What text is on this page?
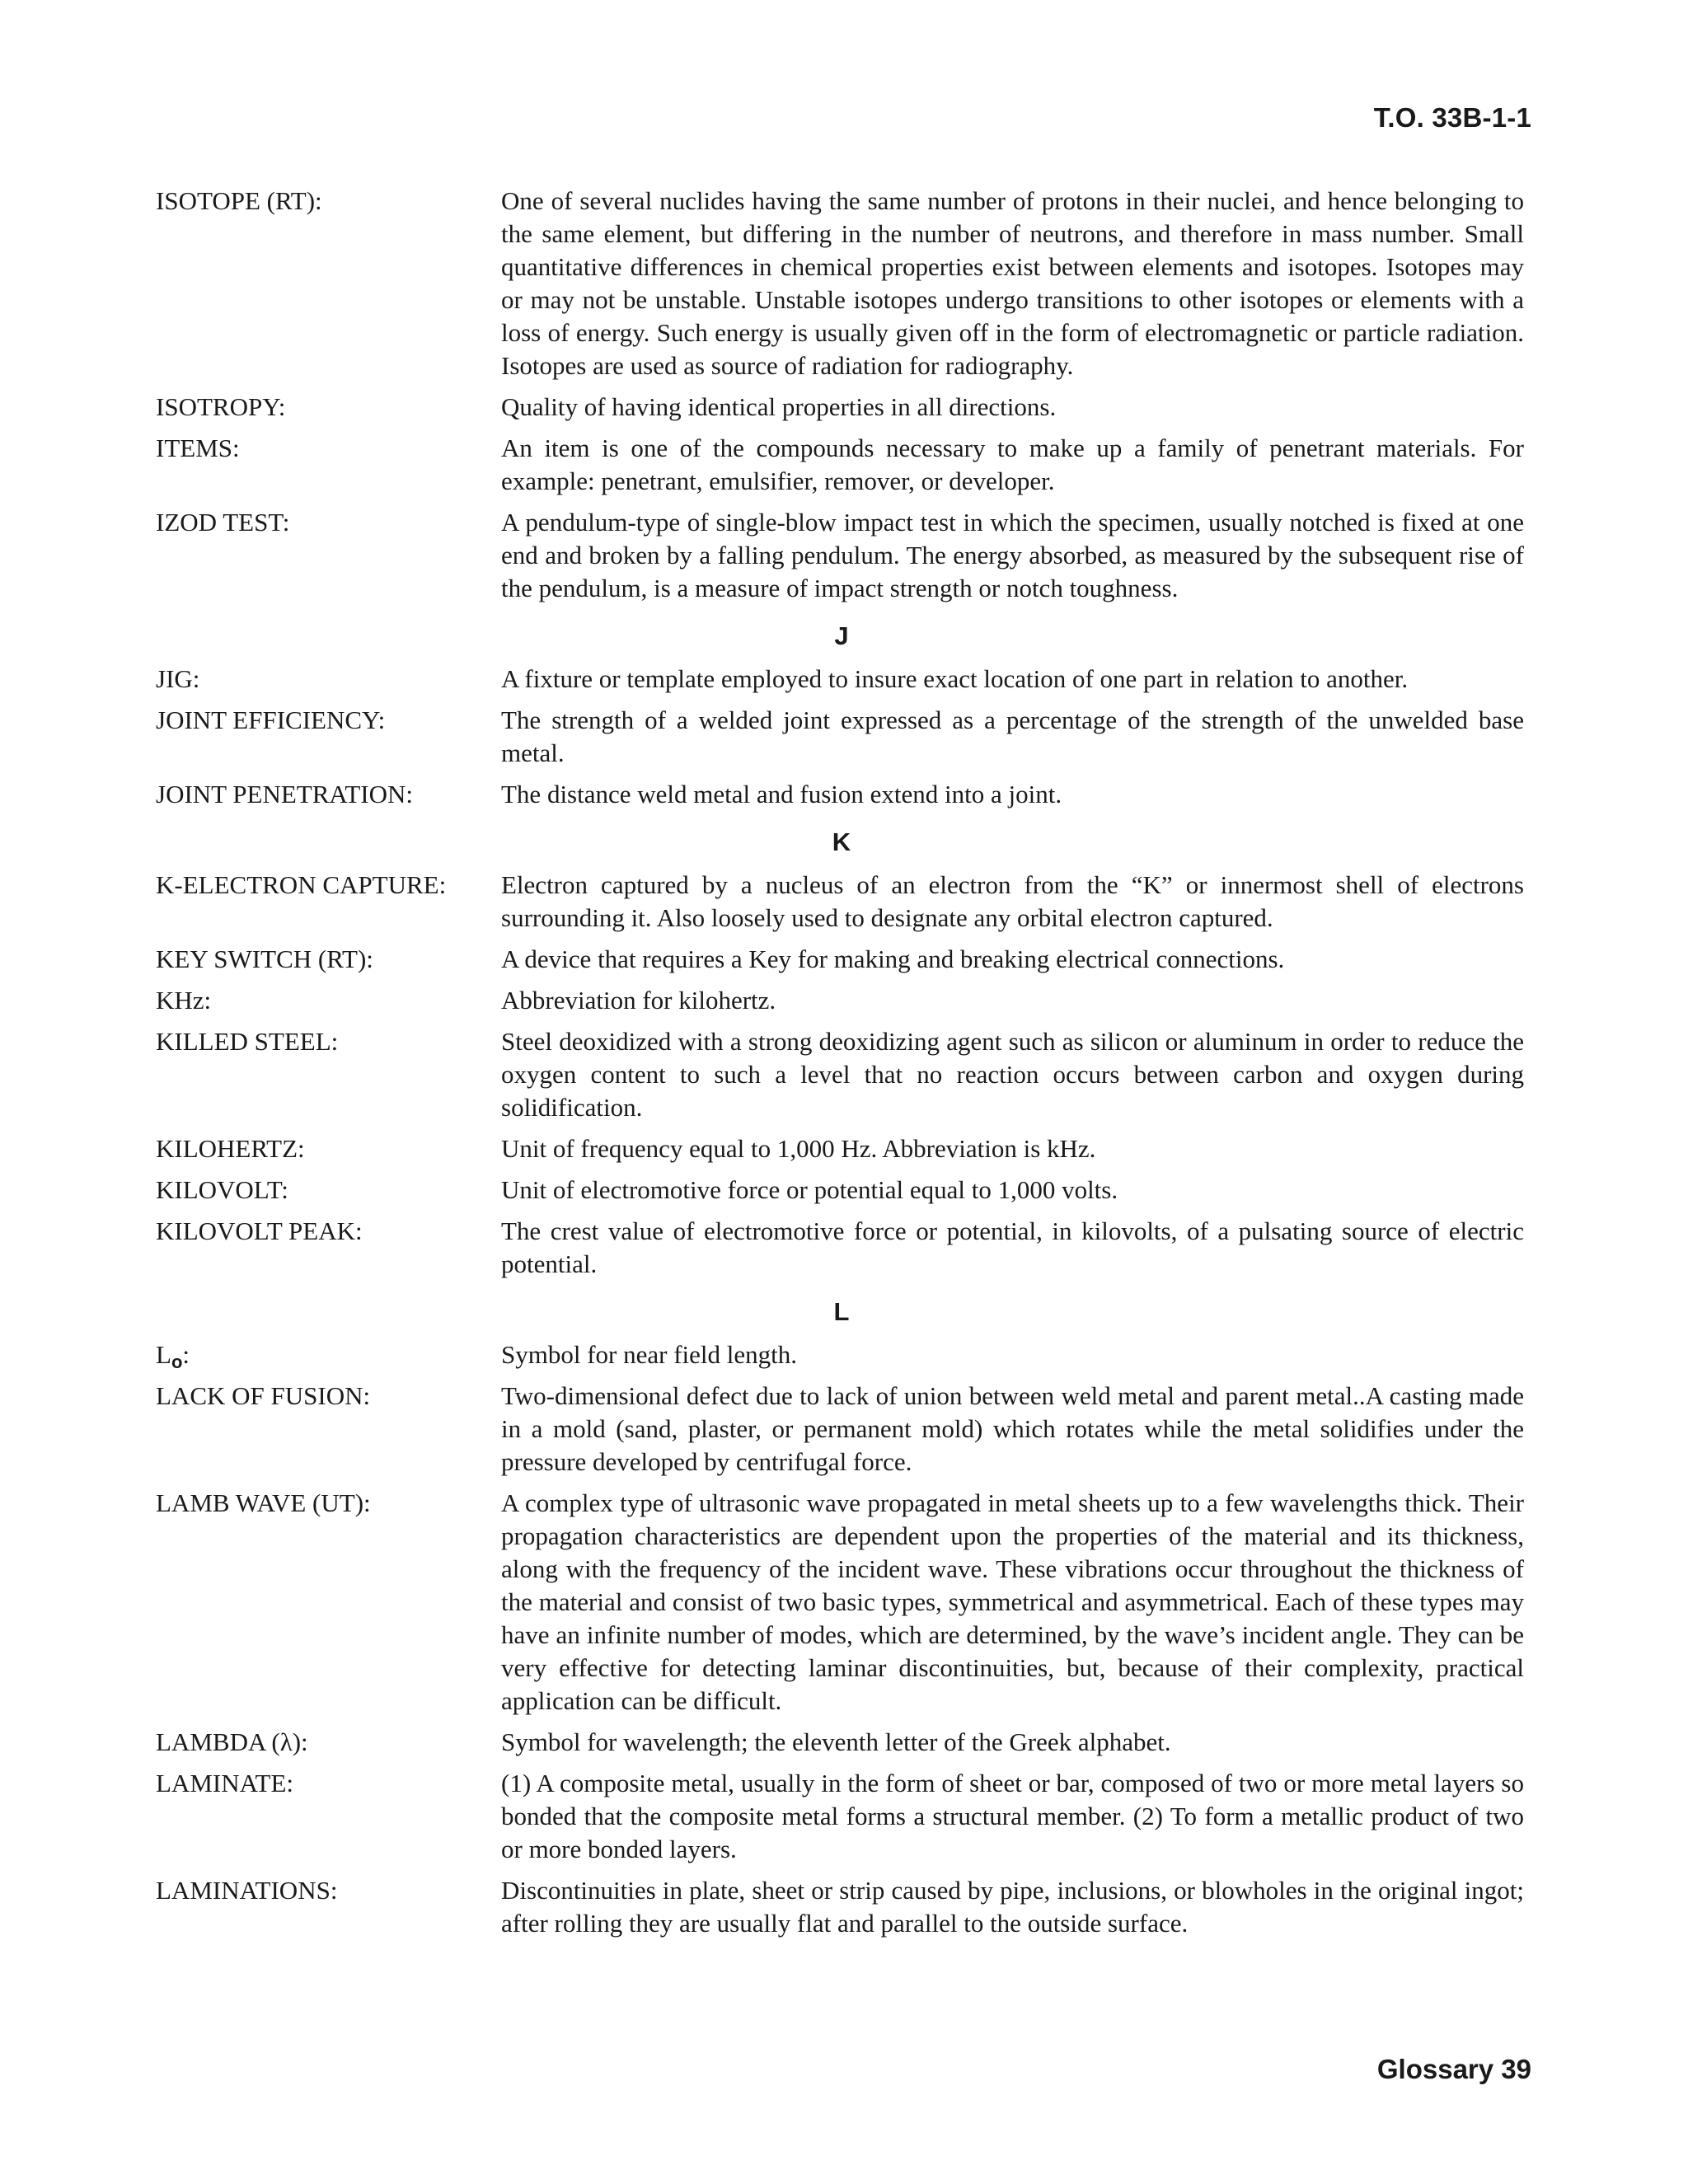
T.O. 33B-1-1
ISOTOPE (RT):	One of several nuclides having the same number of protons in their nuclei, and hence belonging to the same element, but differing in the number of neutrons, and therefore in mass number. Small quantitative differences in chemical properties exist between elements and isotopes. Isotopes may or may not be unstable. Unstable isotopes undergo transitions to other isotopes or elements with a loss of energy. Such energy is usually given off in the form of electromagnetic or particle radiation. Isotopes are used as source of radiation for radiography.
ISOTROPY:	Quality of having identical properties in all directions.
ITEMS:	An item is one of the compounds necessary to make up a family of penetrant materials. For example: penetrant, emulsifier, remover, or developer.
IZOD TEST:	A pendulum-type of single-blow impact test in which the specimen, usually notched is fixed at one end and broken by a falling pendulum. The energy absorbed, as measured by the subsequent rise of the pendulum, is a measure of impact strength or notch toughness.
J
JIG:	A fixture or template employed to insure exact location of one part in relation to another.
JOINT EFFICIENCY:	The strength of a welded joint expressed as a percentage of the strength of the unwelded base metal.
JOINT PENETRATION:	The distance weld metal and fusion extend into a joint.
K
K-ELECTRON CAPTURE:	Electron captured by a nucleus of an electron from the “K” or innermost shell of electrons surrounding it. Also loosely used to designate any orbital electron captured.
KEY SWITCH (RT):	A device that requires a Key for making and breaking electrical connections.
KHz:	Abbreviation for kilohertz.
KILLED STEEL:	Steel deoxidized with a strong deoxidizing agent such as silicon or aluminum in order to reduce the oxygen content to such a level that no reaction occurs between carbon and oxygen during solidification.
KILOHERTZ:	Unit of frequency equal to 1,000 Hz. Abbreviation is kHz.
KILOVOLT:	Unit of electromotive force or potential equal to 1,000 volts.
KILOVOLT PEAK:	The crest value of electromotive force or potential, in kilovolts, of a pulsating source of electric potential.
L
$L_o$:	Symbol for near field length.
LACK OF FUSION:	Two-dimensional defect due to lack of union between weld metal and parent metal..A casting made in a mold (sand, plaster, or permanent mold) which rotates while the metal solidifies under the pressure developed by centrifugal force.
LAMB WAVE (UT):	A complex type of ultrasonic wave propagated in metal sheets up to a few wavelengths thick. Their propagation characteristics are dependent upon the properties of the material and its thickness, along with the frequency of the incident wave. These vibrations occur throughout the thickness of the material and consist of two basic types, symmetrical and asymmetrical. Each of these types may have an infinite number of modes, which are determined, by the wave’s incident angle. They can be very effective for detecting laminar discontinuities, but, because of their complexity, practical application can be difficult.
LAMBDA (λ):	Symbol for wavelength; the eleventh letter of the Greek alphabet.
LAMINATE:	(1) A composite metal, usually in the form of sheet or bar, composed of two or more metal layers so bonded that the composite metal forms a structural member. (2) To form a metallic product of two or more bonded layers.
LAMINATIONS:	Discontinuities in plate, sheet or strip caused by pipe, inclusions, or blowholes in the original ingot; after rolling they are usually flat and parallel to the outside surface.
Glossary 39
